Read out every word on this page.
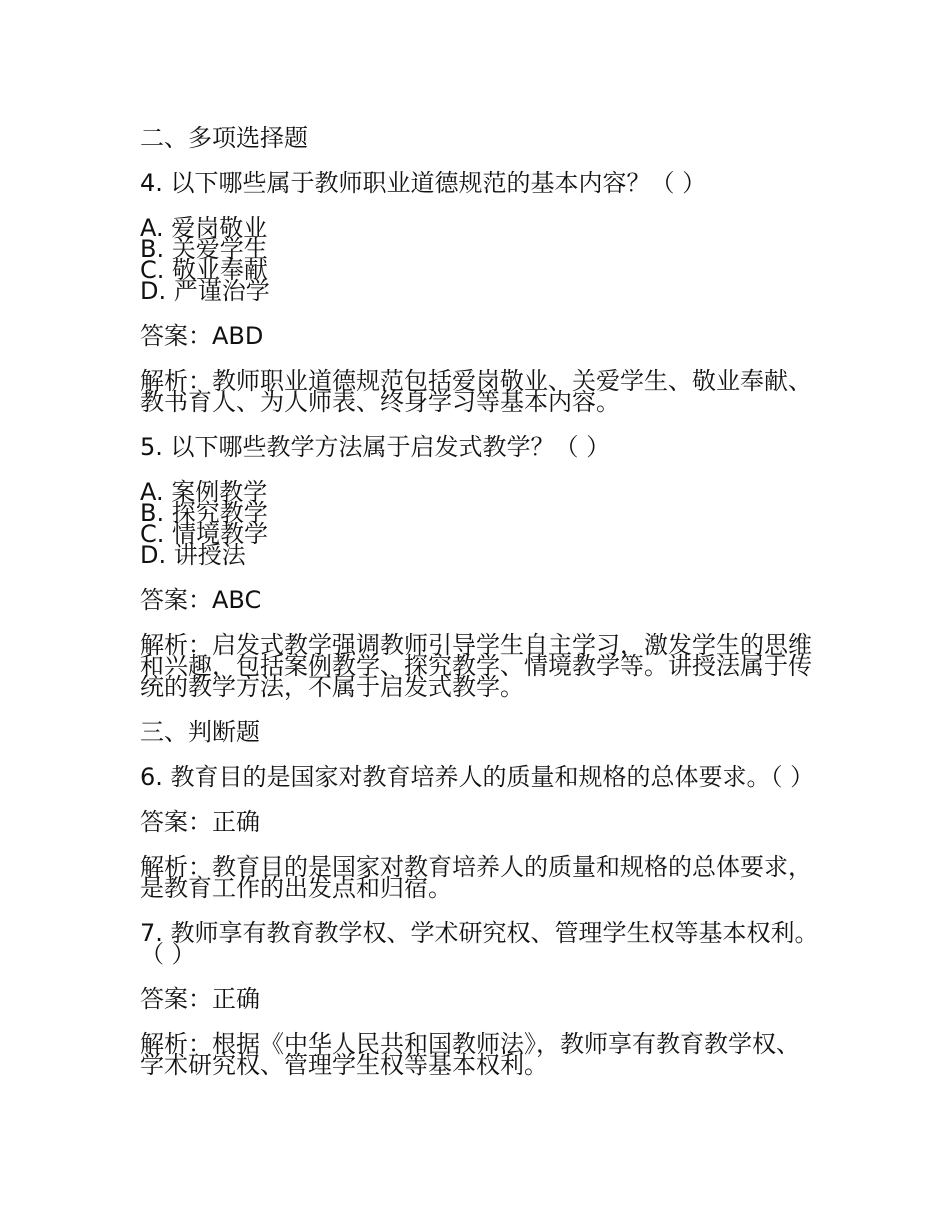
二、多项选择题
4. 以下哪些属于教师职业道德规范的基本内容？（ ）
A. 爱岗敬业
B. 关爱学生
C. 敬业奉献
D. 严谨治学
答案：ABD
解析：教师职业道德规范包括爱岗敬业、关爱学生、敬业奉献、教书育人、为人师表、终身学习等基本内容。
5. 以下哪些教学方法属于启发式教学？（ ）
A. 案例教学
B. 探究教学
C. 情境教学
D. 讲授法
答案：ABC
解析：启发式教学强调教师引导学生自主学习，激发学生的思维和兴趣，包括案例教学、探究教学、情境教学等。讲授法属于传统的教学方法，不属于启发式教学。
三、判断题
6. 教育目的是国家对教育培养人的质量和规格的总体要求。（ ）
答案：正确
解析：教育目的是国家对教育培养人的质量和规格的总体要求，是教育工作的出发点和归宿。
7. 教师享有教育教学权、学术研究权、管理学生权等基本权利。（ ）
答案：正确
解析：根据《中华人民共和国教师法》，教师享有教育教学权、学术研究权、管理学生权等基本权利。
